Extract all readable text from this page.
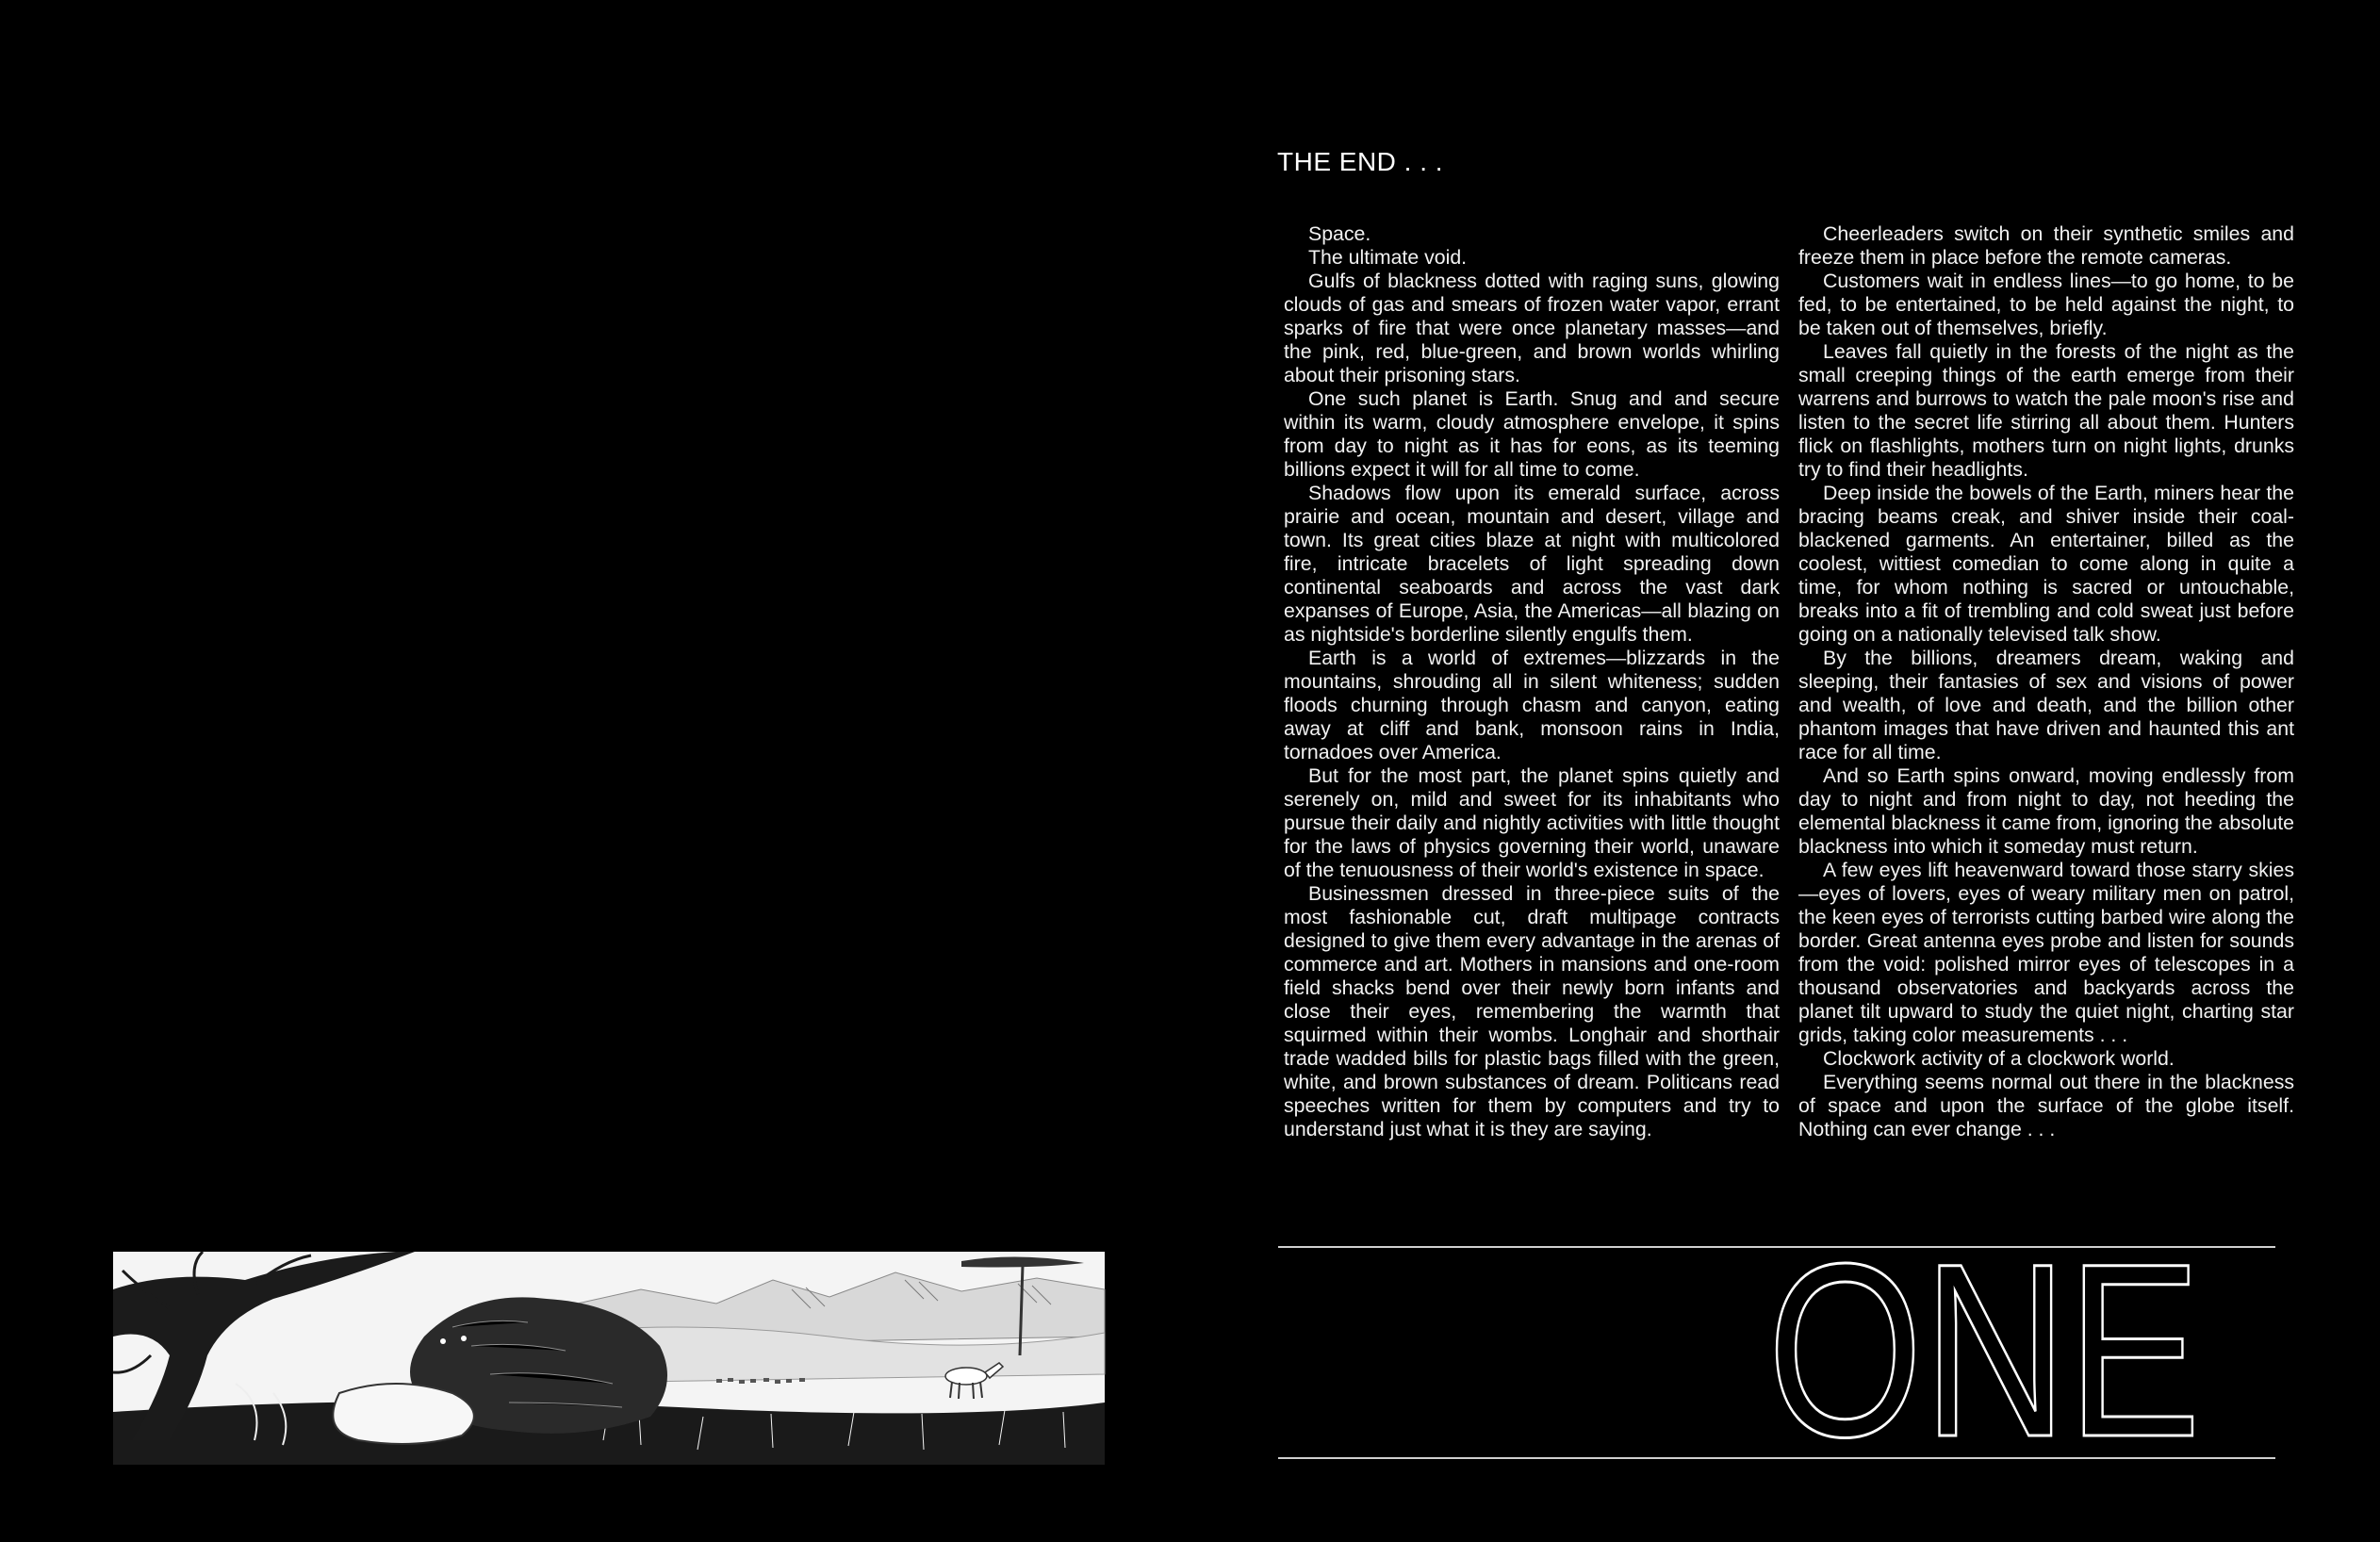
THE END . . .

Space.

The ultimate void.

Gulfs of blackness dotted with raging suns, glowing clouds of gas and smears of frozen water vapor, errant sparks of fire that were once planetary masses—and the pink, red, blue-green, and brown worlds whirling about their prisoning stars.

One such planet is Earth. Snug and and secure within its warm, cloudy atmosphere envelope, it spins from day to night as it has for eons, as its teeming billions expect it will for all time to come.

Shadows flow upon its emerald surface, across prairie and ocean, mountain and desert, village and town. Its great cities blaze at night with multicolored fire, intricate bracelets of light spreading down continental seaboards and across the vast dark expanses of Europe, Asia, the Americas—all blazing on as nightside's borderline silently engulfs them.

Earth is a world of extremes—blizzards in the mountains, shrouding all in silent whiteness; sudden floods churning through chasm and canyon, eating away at cliff and bank, monsoon rains in India, tornadoes over America.

But for the most part, the planet spins quietly and serenely on, mild and sweet for its inhabitants who pursue their daily and nightly activities with little thought for the laws of physics governing their world, unaware of the tenuousness of their world's existence in space.

Businessmen dressed in three-piece suits of the most fashionable cut, draft multipage contracts designed to give them every advantage in the arenas of commerce and art. Mothers in mansions and one-room field shacks bend over their newly born infants and close their eyes, remembering the warmth that squirmed within their wombs. Longhair and shorthair trade wadded bills for plastic bags filled with the green, white, and brown substances of dream. Politicans read speeches written for them by computers and try to understand just what it is they are saying.

Cheerleaders switch on their synthetic smiles and freeze them in place before the remote cameras.

Customers wait in endless lines—to go home, to be fed, to be entertained, to be held against the night, to be taken out of themselves, briefly.

Leaves fall quietly in the forests of the night as the small creeping things of the earth emerge from their warrens and burrows to watch the pale moon's rise and listen to the secret life stirring all about them. Hunters flick on flashlights, mothers turn on night lights, drunks try to find their headlights.

Deep inside the bowels of the Earth, miners hear the bracing beams creak, and shiver inside their coal-blackened garments. An entertainer, billed as the coolest, wittiest comedian to come along in quite a time, for whom nothing is sacred or untouchable, breaks into a fit of trembling and cold sweat just before going on a nationally televised talk show.

By the billions, dreamers dream, waking and sleeping, their fantasies of sex and visions of power and wealth, of love and death, and the billion other phantom images that have driven and haunted this ant race for all time.

And so Earth spins onward, moving endlessly from day to night and from night to day, not heeding the elemental blackness it came from, ignoring the absolute blackness into which it someday must return.

A few eyes lift heavenward toward those starry skies—eyes of lovers, eyes of weary military men on patrol, the keen eyes of terrorists cutting barbed wire along the border. Great antenna eyes probe and listen for sounds from the void: polished mirror eyes of telescopes in a thousand observatories and backyards across the planet tilt upward to study the quiet night, charting star grids, taking color measurements . . .

Clockwork activity of a clockwork world.

Everything seems normal out there in the blackness of space and upon the surface of the globe itself. Nothing can ever change . . .

ONE
